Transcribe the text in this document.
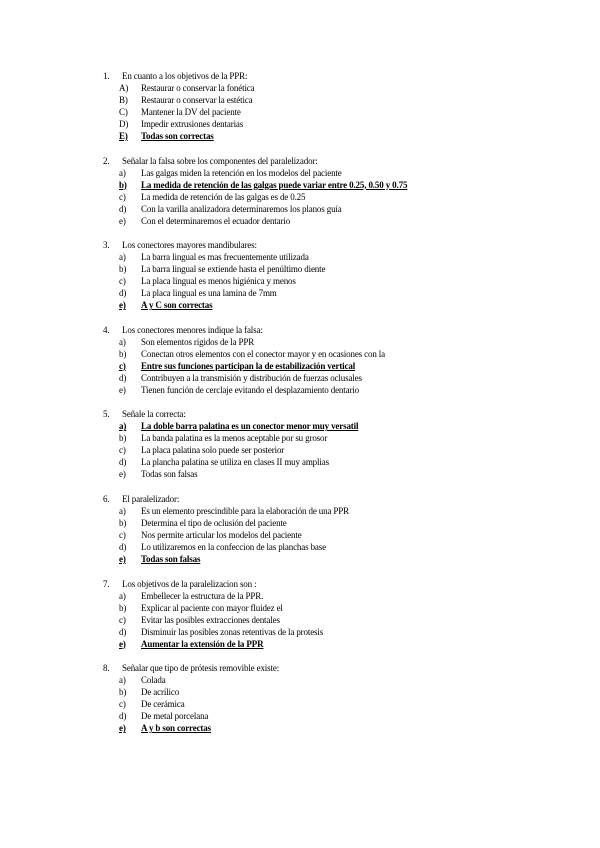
1.	En cuanto a los objetivos de la PPR:
A)	Restaurar o conservar la fonética
B)	Restaurar o conservar la estética
C)	Mantener la DV del paciente
D)	Impedir extrusiones dentarias
E)	Todas son correctas
2.	Señalar la falsa sobre los componentes del paralelizador:
a)	Las galgas miden la retención en los modelos del paciente
b)	La medida de retención de las galgas puede variar entre 0.25, 0.50 y 0.75
c)	La medida de retención de las galgas es de 0.25
d)	Con la varilla analizadora determinaremos los planos guía
e)	Con el determinaremos el ecuador dentario
3.	Los conectores mayores mandibulares:
a)	La barra lingual es mas frecuentemente utilizada
b)	La barra lingual se extiende hasta el penúltimo diente
c)	La placa lingual es menos higiénica y menos
d)	La placa lingual es una lamina de 7mm
e)	A y C son correctas
4.	Los conectores menores indique la falsa:
a)	Son elementos rígidos de la PPR
b)	Conectan otros elementos con el conector mayor y en ocasiones con la
c)	Entre sus funciones participan la de estabilización vertical
d)	Contribuyen a la transmisión y distribución de fuerzas oclusales
e)	Tienen función de cerclaje evitando el desplazamiento dentario
5.	Señale la correcta:
a)	La doble barra palatina es un conector menor muy versatil
b)	La banda palatina es la menos aceptable por su grosor
c)	La placa palatina solo puede ser posterior
d)	La plancha palatina se utiliza en clases II muy amplias
e)	Todas son falsas
6.	El paralelizador:
a)	Es un elemento prescindible para la elaboración de una PPR
b)	Determina el tipo de oclusión del paciente
c)	Nos permite articular los modelos del paciente
d)	Lo utilizaremos en la confeccion de las planchas base
e)	Todas son falsas
7.	Los objetivos de la paralelizacion son :
a)	Embellecer la estructura de la PPR.
b)	Explicar al paciente con mayor fluidez el
c)	Evitar las posibles extracciones dentales
d)	Disminuir las posibles zonas retentivas de la protesis
e)	Aumentar la extensión de la PPR
8.	Señalar que tipo de prótesis removible existe:
a)	Colada
b)	De acrilico
c)	De cerámica
d)	De metal porcelana
e)	A y b son correctas
